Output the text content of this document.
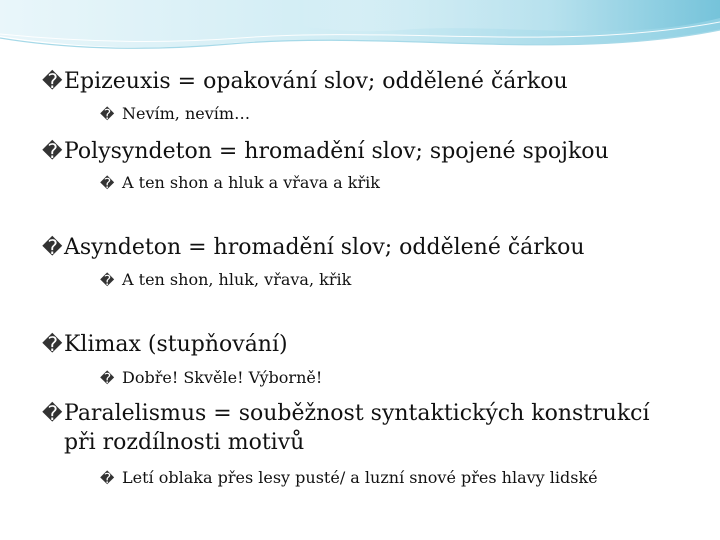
�Epizeuxis = opakování slov; oddělené čárkou
� Nevím, nevím…
�Polysyndeton = hromadění slov; spojené spojkou
� A ten shon a hluk a vřava a křik
�Asyndeton = hromadění slov; oddělené čárkou
� A ten shon, hluk, vřava, křik
�Klimax (stupňování)
� Dobře! Skvěle! Výborně!
�Paralelismus = souběžnost syntaktických konstrukcí
při rozdílnosti motivů
� Letí oblaka přes lesy pusté/ a luzní snové přes hlavy lidské
